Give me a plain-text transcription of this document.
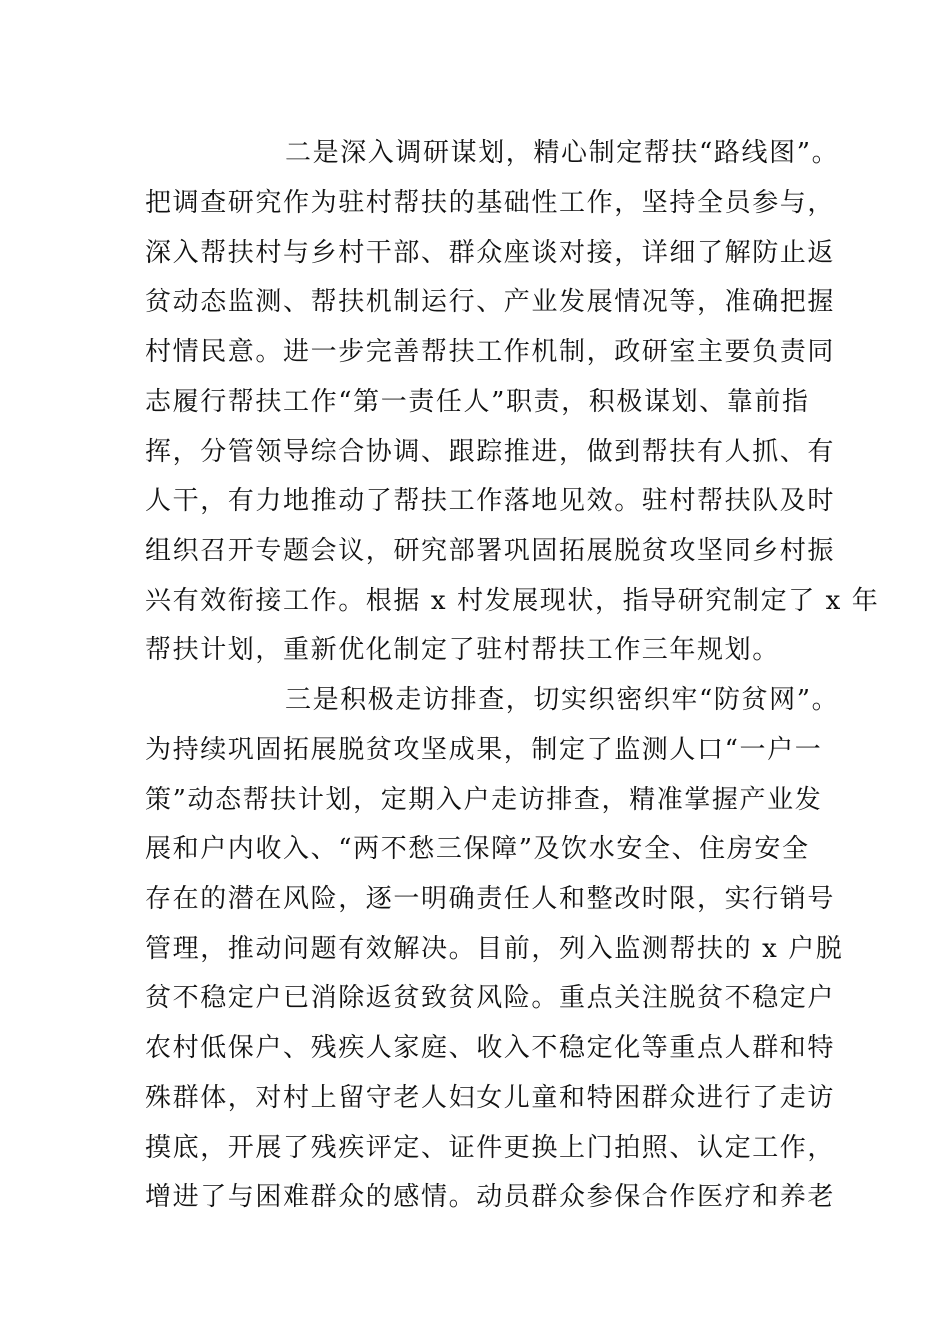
二是深入调研谋划，精心制定帮扶“路线图”。
把调查研究作为驻村帮扶的基础性工作，坚持全员参与，
深入帮扶村与乡村干部、群众座谈对接，详细了解防止返
贫动态监测、帮扶机制运行、产业发展情况等，准确把握
村情民意。进一步完善帮扶工作机制，政研室主要负责同
志履行帮扶工作“第一责任人”职责，积极谋划、靠前指
挥，分管领导综合协调、跟踪推进，做到帮扶有人抓、有
人干，有力地推动了帮扶工作落地见效。驻村帮扶队及时
组织召开专题会议，研究部署巩固拓展脱贫攻坚同乡村振
兴有效衔接工作。根据 x 村发展现状，指导研究制定了 x 年
帮扶计划，重新优化制定了驻村帮扶工作三年规划。
三是积极走访排查，切实织密织牢“防贫网”。
为持续巩固拓展脱贫攻坚成果，制定了监测人口“一户一
策”动态帮扶计划，定期入户走访排查，精准掌握产业发
展和户内收入、“两不愁三保障”及饮水安全、住房安全
存在的潜在风险，逐一明确责任人和整改时限，实行销号
管理，推动问题有效解决。目前，列入监测帮扶的 x 户脱
贫不稳定户已消除返贫致贫风险。重点关注脱贫不稳定户
农村低保户、残疾人家庭、收入不稳定化等重点人群和特
殊群体，对村上留守老人妇女儿童和特困群众进行了走访
摸底，开展了残疾评定、证件更换上门拍照、认定工作，
增进了与困难群众的感情。动员群众参保合作医疗和养老
